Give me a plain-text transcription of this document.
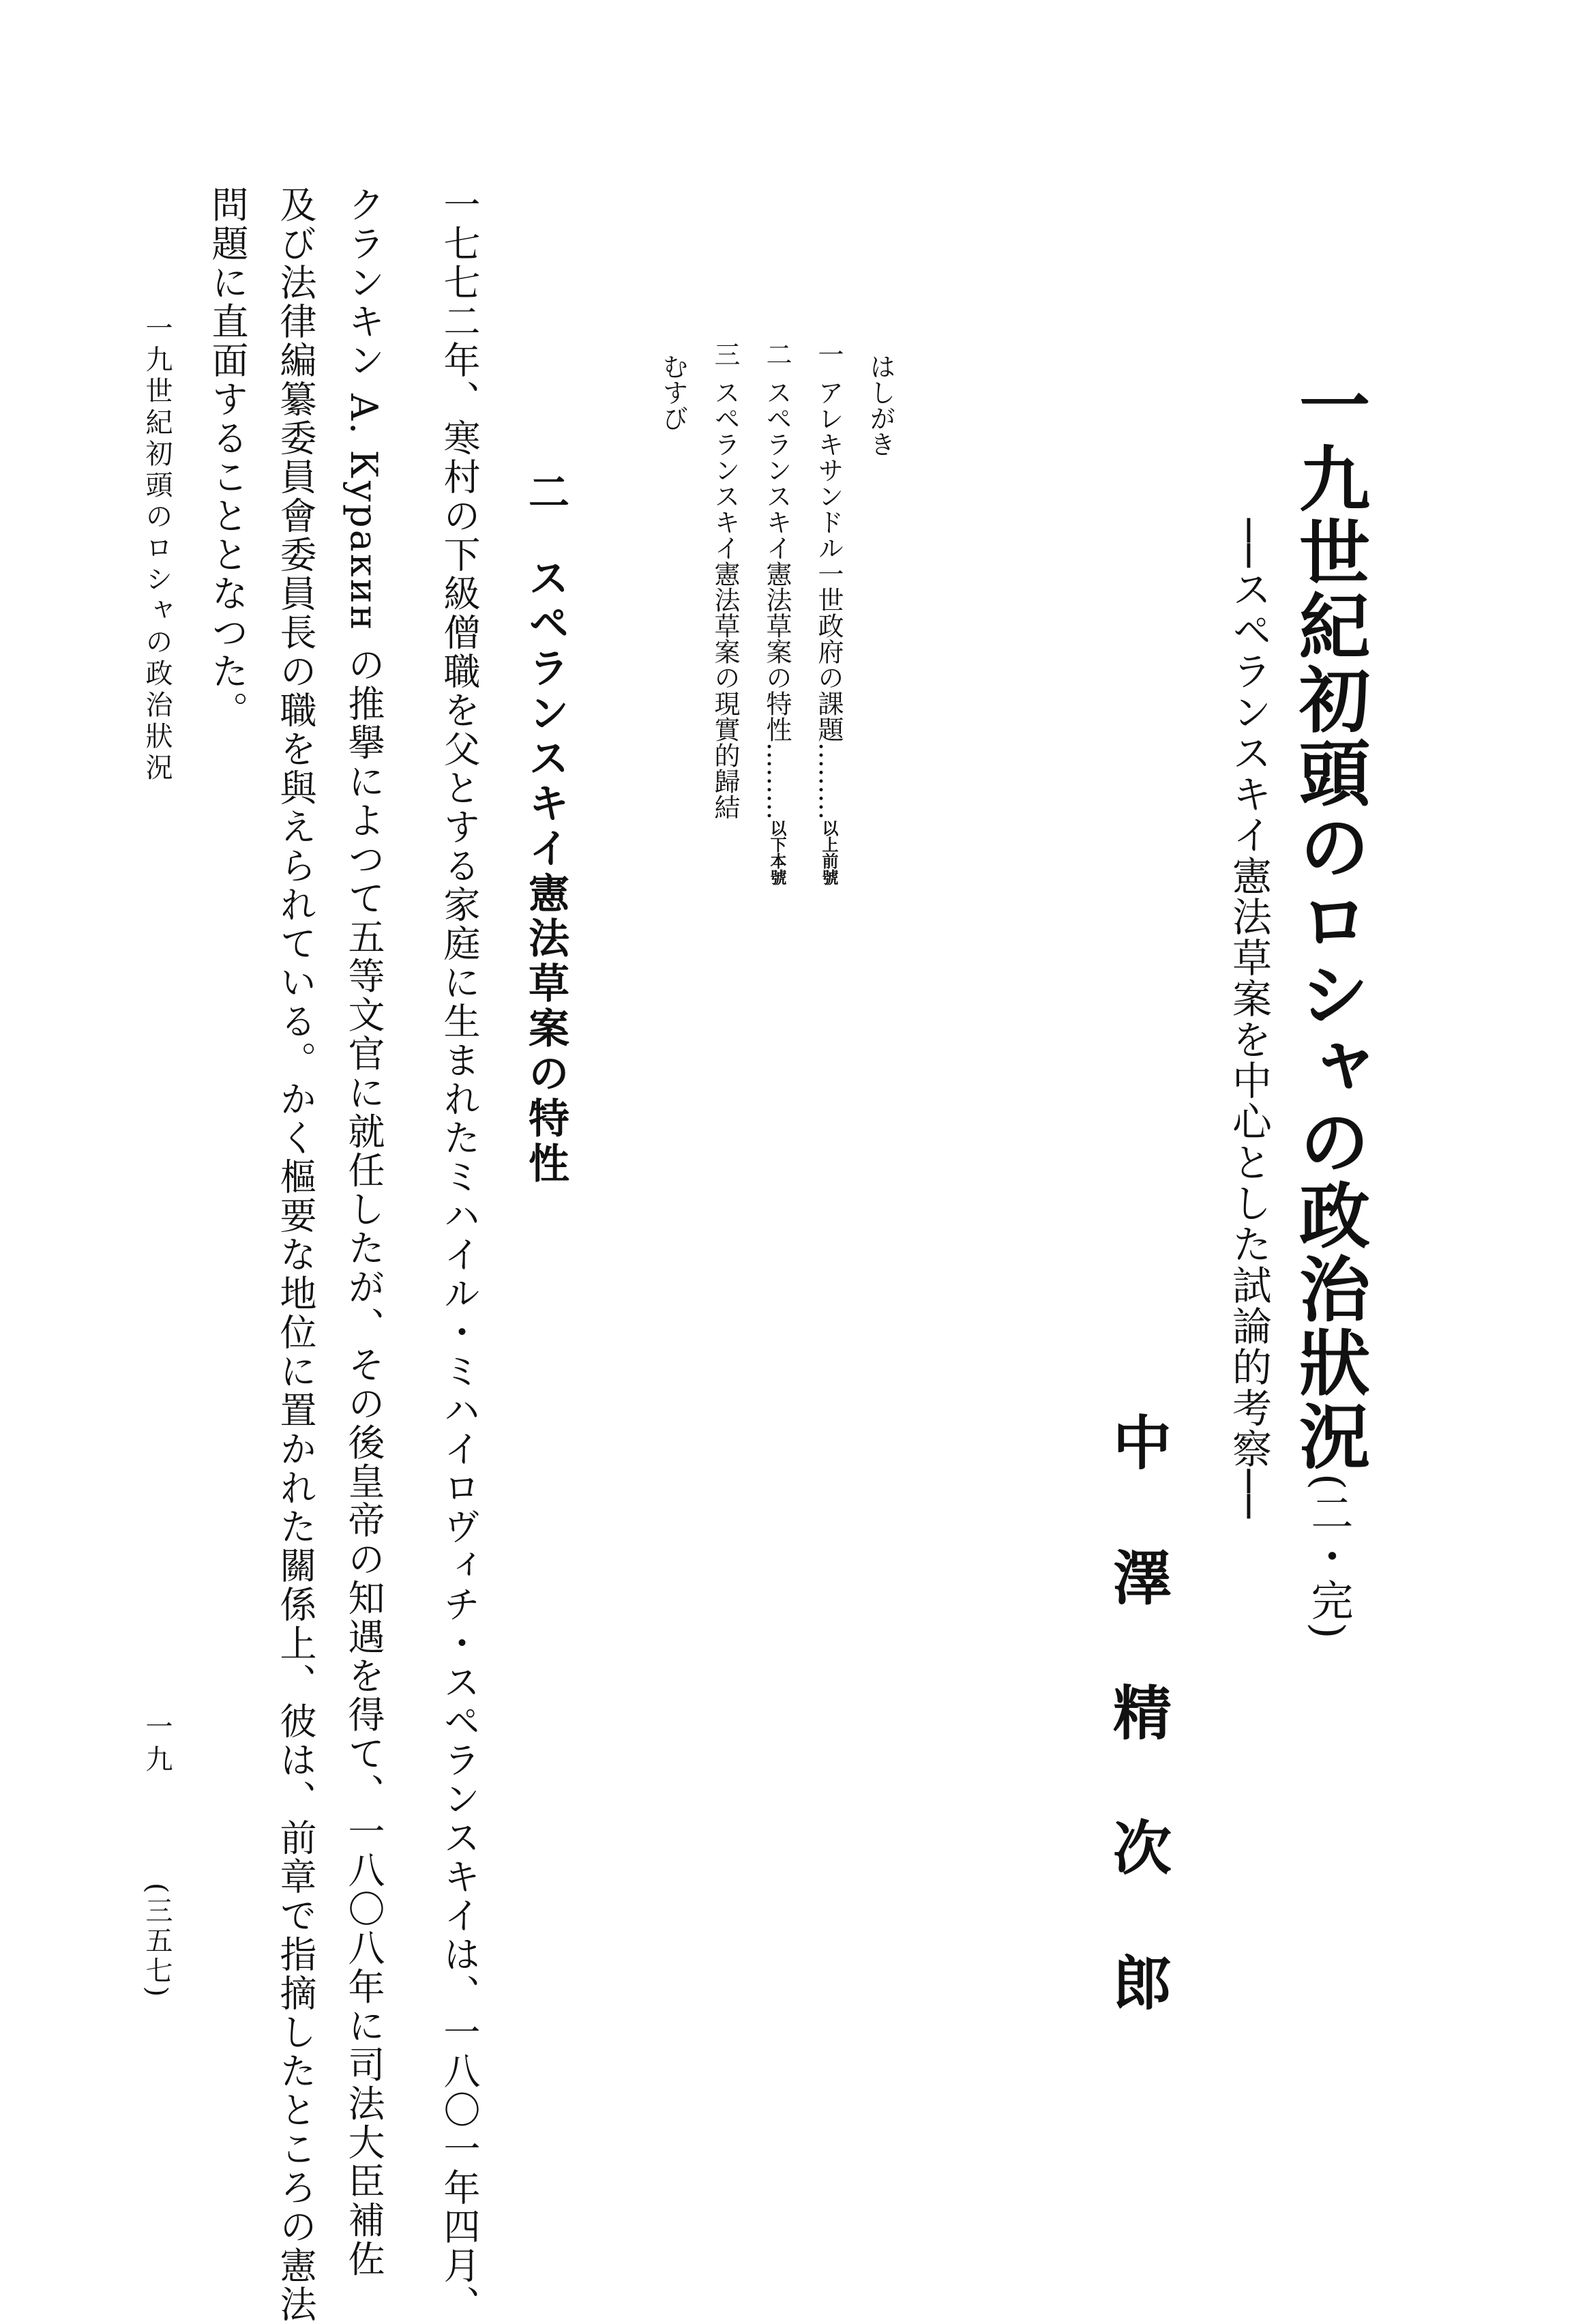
一九世紀初頭のロシャの政治狀況(二・完)
──スペランスキイ憲法草案を中心とした試論的考察──
中澤精次郎
はしがき
一アレキサンドル一世政府の課題………以上前號
二スペランスキイ憲法草案の特性………以下本號
三スペランスキイ憲法草案の現實的歸結
むすび
二スペランスキイ憲法草案の特性
一七七二年、寒村の下級僧職を父とする家庭に生まれたミハイル・ミハイロヴィチ・スペランスキイは、一八〇一年四月、
クランキン A. Куракин の推擧によつて五等文官に就任したが、その後皇帝の知遇を得て、一八〇八年に司法大臣補佐
及び法律編纂委員會委員長の職を與えられている。かく樞要な地位に置かれた關係上、彼は、前章で指摘したところの憲法
問題に直面することとなつた。
一九世紀初頭のロシャの政治狀況
一九
(三五七)
